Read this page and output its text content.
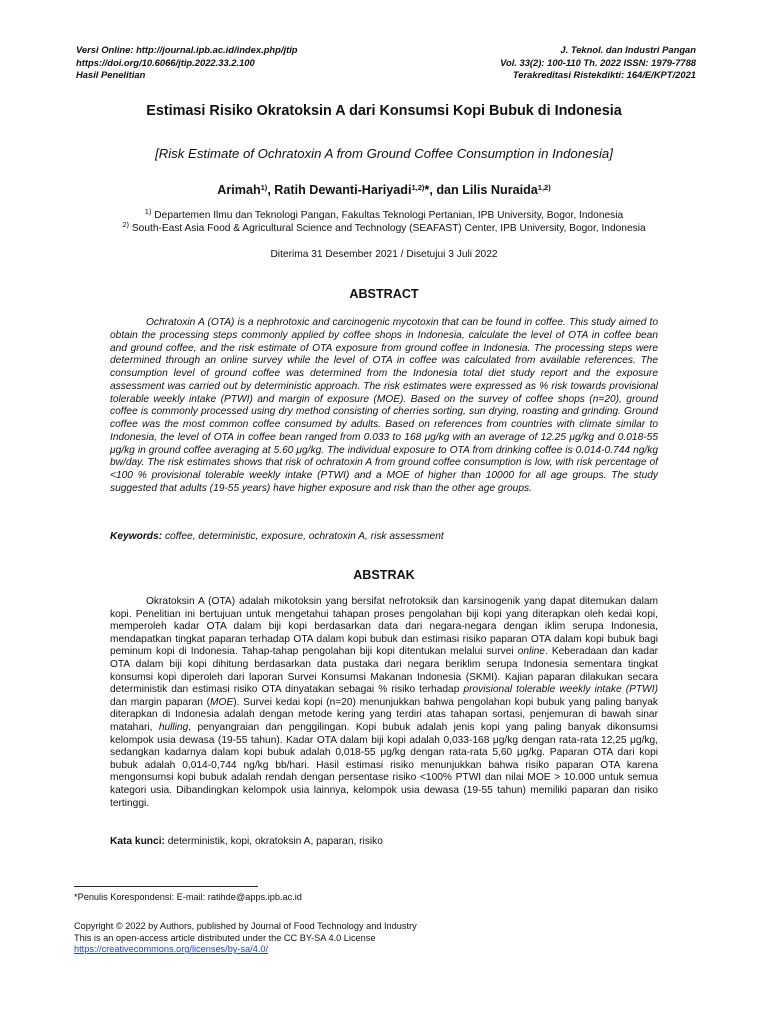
Versi Online: http://journal.ipb.ac.id/index.php/jtip
https://doi.org/10.6066/jtip.2022.33.2.100
Hasil Penelitian
J. Teknol. dan Industri Pangan
Vol. 33(2): 100-110 Th. 2022 ISSN: 1979-7788
Terakreditasi Ristekdikti: 164/E/KPT/2021
Estimasi Risiko Okratoksin A dari Konsumsi Kopi Bubuk di Indonesia
[Risk Estimate of Ochratoxin A from Ground Coffee Consumption in Indonesia]
Arimah$^{1)}$, Ratih Dewanti-Hariyadi$^{1,2)}$*, dan Lilis Nuraida$^{1,2)}$
$^{1)}$ Departemen Ilmu dan Teknologi Pangan, Fakultas Teknologi Pertanian, IPB University, Bogor, Indonesia
$^{2)}$ South-East Asia Food & Agricultural Science and Technology (SEAFAST) Center, IPB University, Bogor, Indonesia
Diterima 31 Desember 2021 / Disetujui 3 Juli 2022
ABSTRACT

Ochratoxin A (OTA) is a nephrotoxic and carcinogenic mycotoxin that can be found in coffee. This study aimed to obtain the processing steps commonly applied by coffee shops in Indonesia, calculate the level of OTA in coffee bean and ground coffee, and the risk estimate of OTA exposure from ground coffee in Indonesia. The processing steps were determined through an online survey while the level of OTA in coffee was calculated from available references. The consumption level of ground coffee was determined from the Indonesia total diet study report and the exposure assessment was carried out by deterministic approach. The risk estimates were expressed as % risk towards provisional tolerable weekly intake (PTWI) and margin of exposure (MOE). Based on the survey of coffee shops (n=20), ground coffee is commonly processed using dry method consisting of cherries sorting, sun drying, roasting and grinding. Ground coffee was the most common coffee consumed by adults. Based on references from countries with climate similar to Indonesia, the level of OTA in coffee bean ranged from 0.033 to 168 μg/kg with an average of 12.25 μg/kg and 0.018-55 μg/kg in ground coffee averaging at 5.60 μg/kg. The individual exposure to OTA from drinking coffee is 0.014-0.744 ng/kg bw/day. The risk estimates shows that risk of ochratoxin A from ground coffee consumption is low, with risk percentage of <100 % provisional tolerable weekly intake (PTWI) and a MOE of higher than 10000 for all age groups. The study suggested that adults (19-55 years) have higher exposure and risk than the other age groups.

Keywords: coffee, deterministic, exposure, ochratoxin A, risk assessment
ABSTRAK

Okratoksin A (OTA) adalah mikotoksin yang bersifat nefrotoksik dan karsinogenik yang dapat ditemukan dalam kopi. Penelitian ini bertujuan untuk mengetahui tahapan proses pengolahan biji kopi yang diterapkan oleh kedai kopi, memperoleh kadar OTA dalam biji kopi berdasarkan data dari negara-negara dengan iklim serupa Indonesia, mendapatkan tingkat paparan terhadap OTA dalam kopi bubuk dan estimasi risiko paparan OTA dalam kopi bubuk bagi peminum kopi di Indonesia. Tahap-tahap pengolahan biji kopi ditentukan melalui survei online. Keberadaan dan kadar OTA dalam biji kopi dihitung berdasarkan data pustaka dari negara beriklim serupa Indonesia sementara tingkat konsumsi kopi diperoleh dari laporan Survei Konsumsi Makanan Indonesia (SKMI). Kajian paparan dilakukan secara deterministik dan estimasi risiko OTA dinyatakan sebagai % risiko terhadap provisional tolerable weekly intake (PTWI) dan margin paparan (MOE). Survei kedai kopi (n=20) menunjukkan bahwa pengolahan kopi bubuk yang paling banyak diterapkan di Indonesia adalah dengan metode kering yang terdiri atas tahapan sortasi, penjemuran di bawah sinar matahari, hulling, penyangraian dan penggilingan. Kopi bubuk adalah jenis kopi yang paling banyak dikonsumsi kelompok usia dewasa (19-55 tahun). Kadar OTA dalam biji kopi adalah 0,033-168 μg/kg dengan rata-rata 12,25 μg/kg, sedangkan kadarnya dalam kopi bubuk adalah 0,018-55 μg/kg dengan rata-rata 5,60 μg/kg. Paparan OTA dari kopi bubuk adalah 0,014-0,744 ng/kg bb/hari. Hasil estimasi risiko menunjukkan bahwa risiko paparan OTA karena mengonsumsi kopi bubuk adalah rendah dengan persentase risiko <100% PTWI dan nilai MOE > 10.000 untuk semua kategori usia. Dibandingkan kelompok usia lainnya, kelompok usia dewasa (19-55 tahun) memiliki paparan dan risiko tertinggi.

Kata kunci: deterministik, kopi, okratoksin A, paparan, risiko
*Penulis Korespondensi: E-mail: ratihde@apps.ipb.ac.id
Copyright © 2022 by Authors, published by Journal of Food Technology and Industry
This is an open-access article distributed under the CC BY-SA 4.0 License
https://creativecommons.org/licenses/by-sa/4.0/
